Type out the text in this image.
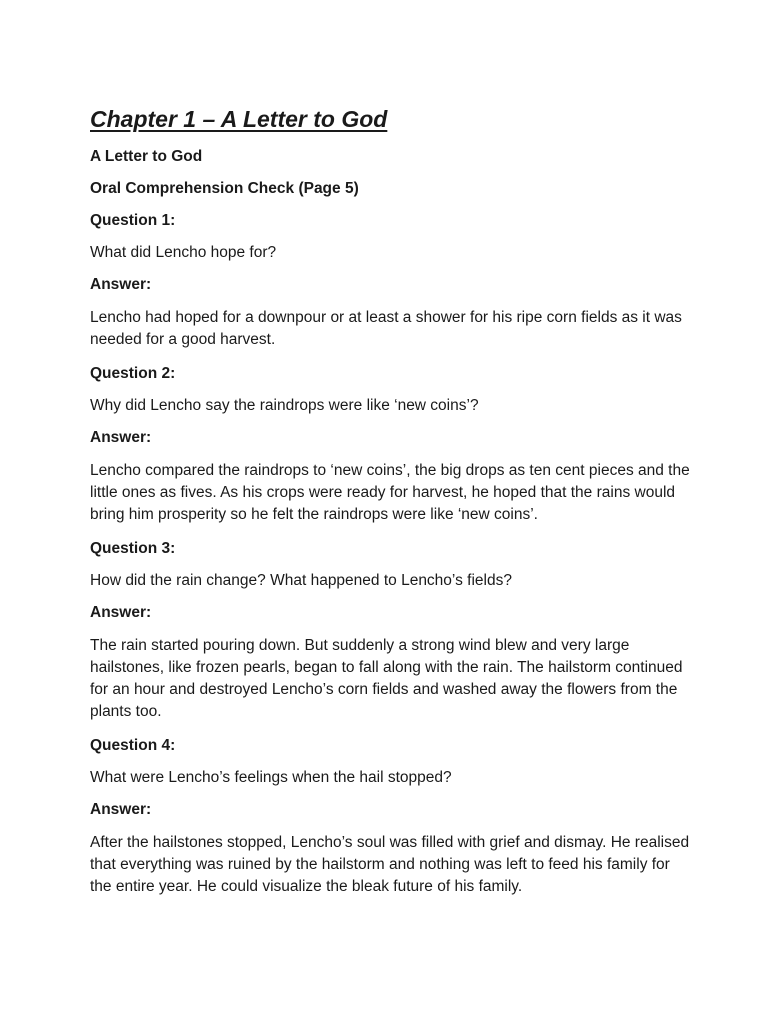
Chapter 1 – A Letter to God

A Letter to God

Oral Comprehension Check (Page 5)

Question 1:

What did Lencho hope for?

Answer:

Lencho had hoped for a downpour or at least a shower for his ripe corn fields as it was needed for a good harvest.

Question 2:

Why did Lencho say the raindrops were like ‘new coins’?

Answer:

Lencho compared the raindrops to ‘new coins’, the big drops as ten cent pieces and the little ones as fives. As his crops were ready for harvest, he hoped that the rains would bring him prosperity so he felt the raindrops were like ‘new coins’.

Question 3:

How did the rain change? What happened to Lencho’s fields?

Answer:

The rain started pouring down. But suddenly a strong wind blew and very large hailstones, like frozen pearls, began to fall along with the rain. The hailstorm continued for an hour and destroyed Lencho’s corn fields and washed away the flowers from the plants too.

Question 4:

What were Lencho’s feelings when the hail stopped?

Answer:

After the hailstones stopped, Lencho’s soul was filled with grief and dismay. He realised that everything was ruined by the hailstorm and nothing was left to feed his family for the entire year. He could visualize the bleak future of his family.
